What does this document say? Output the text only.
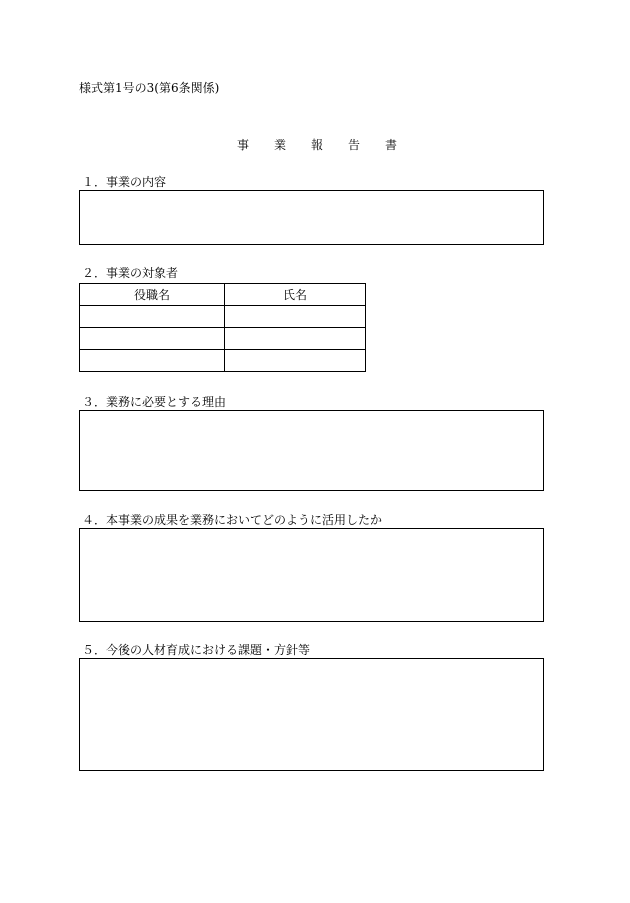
様式第1号の3(第6条関係)
事 業 報 告 書
１．事業の内容
２．事業の対象者
役職名	氏名

３．業務に必要とする理由
４．本事業の成果を業務においてどのように活用したか
５．今後の人材育成における課題・方針等
